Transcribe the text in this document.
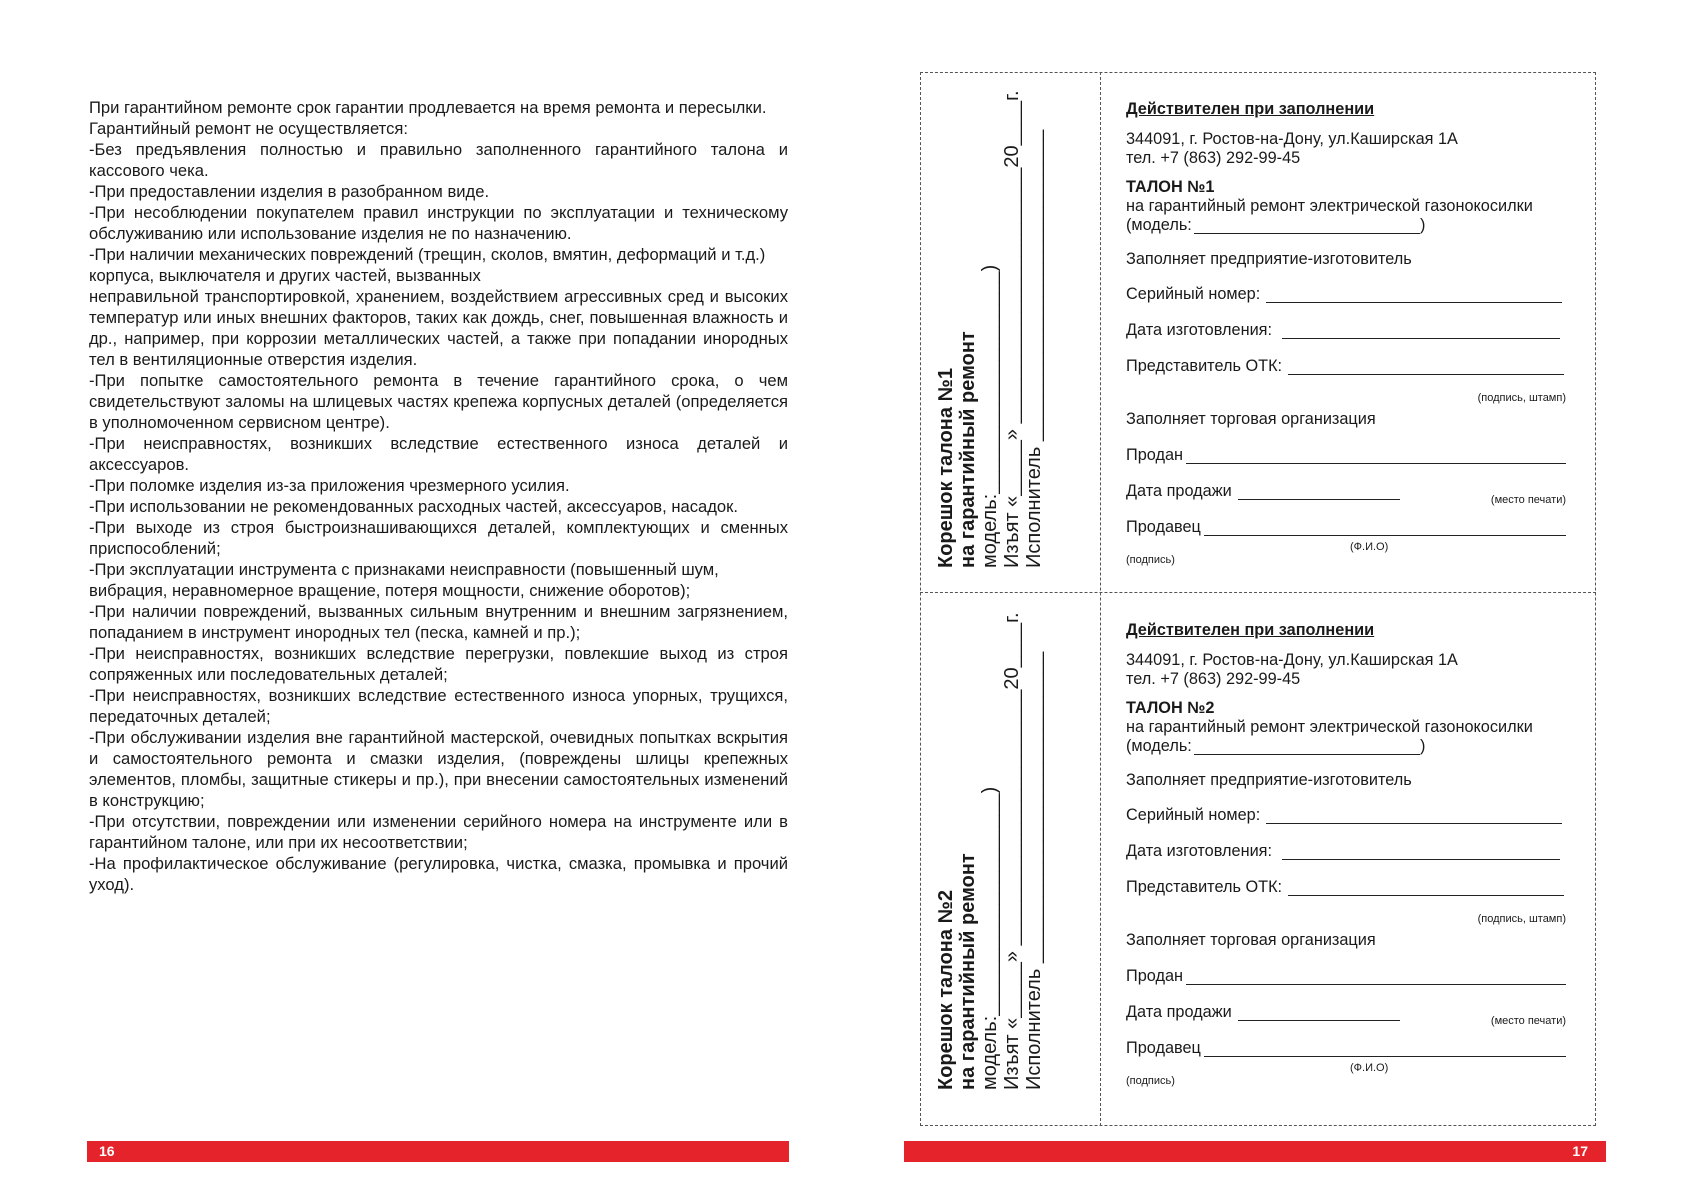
При гарантийном ремонте срок гарантии продлевается на время ремонта и пересылки.

Гарантийный ремонт не осуществляется:

-Без предъявления полностью и правильно заполненного гарантийного талона и кассового чека.

-При предоставлении изделия в разобранном виде.

-При несоблюдении покупателем правил инструкции по эксплуатации и техническому обслуживанию или использование изделия не по назначению.

-При наличии механических повреждений (трещин, сколов, вмятин, деформаций и т.д.) корпуса, выключателя и других частей, вызванных

неправильной транспортировкой, хранением, воздействием агрессивных сред и высоких температур или иных внешних факторов, таких как дождь, снег, повышенная влажность и др., например, при коррозии металлических частей, а также при попадании инородных тел в вентиляционные отверстия изделия.

-При попытке самостоятельного ремонта в течение гарантийного срока, о чем свидетельствуют заломы на шлицевых частях крепежа корпусных деталей (определяется в уполномоченном сервисном центре).

-При неисправностях, возникших вследствие естественного износа деталей и аксессуаров.

-При поломке изделия из-за приложения чрезмерного усилия.

-При использовании не рекомендованных расходных частей, аксессуаров, насадок.

-При выходе из строя быстроизнашивающихся деталей, комплектующих и сменных приспособлений;

-При эксплуатации инструмента с признаками неисправности (повышенный шум, вибрация, неравномерное вращение, потеря мощности, снижение оборотов);

-При наличии повреждений, вызванных сильным внутренним и внешним загрязнением, попаданием в инструмент инородных тел (песка, камней и пр.);

-При неисправностях, возникших вследствие перегрузки, повлекшие выход из строя сопряженных или последовательных деталей;

-При неисправностях, возникших вследствие естественного износа упорных, трущихся, передаточных деталей;

-При обслуживании изделия вне гарантийной мастерской, очевидных попытках вскрытия и самостоятельного ремонта и смазки изделия, (повреждены шлицы крепежных элементов, пломбы, защитные стикеры и пр.), при внесении самостоятельных изменений в конструкцию;

-При отсутствии, повреждении или изменении серийного номера на инструменте или в гарантийном талоне, или при их несоответствии;

-На профилактическое обслуживание (регулировка, чистка, смазка, промывка и прочий уход).

16
Корешок талона №1 на гарантийный ремонт модель:____________________) Изъят «_____» _______________________20____г. Исполнитель ____________________________
Корешок талона №2 на гарантийный ремонт модель:____________________) Изъят «_____» _______________________20____г. Исполнитель ____________________________
Действителен при заполнении
344091, г. Ростов-на-Дону, ул.Каширская 1А
тел. +7 (863) 292-99-45
ТАЛОН №1
на гарантийный ремонт электрической газонокосилки
(модель:	)
Заполняет предприятие-изготовитель
Серийный номер:
Дата изготовления:
Представитель ОТК:
(подпись, штамп)
Заполняет торговая организация
Продан
Дата продажи	(место печати)
Продавец
(Ф.И.О)
(подпись)
Действителен при заполнении
344091, г. Ростов-на-Дону, ул.Каширская 1А
тел. +7 (863) 292-99-45
ТАЛОН №2
на гарантийный ремонт электрической газонокосилки
(модель:	)
Заполняет предприятие-изготовитель
Серийный номер:
Дата изготовления:
Представитель ОТК:
(подпись, штамп)
Заполняет торговая организация
Продан
Дата продажи	(место печати)
Продавец
(Ф.И.О)
(подпись)
17
